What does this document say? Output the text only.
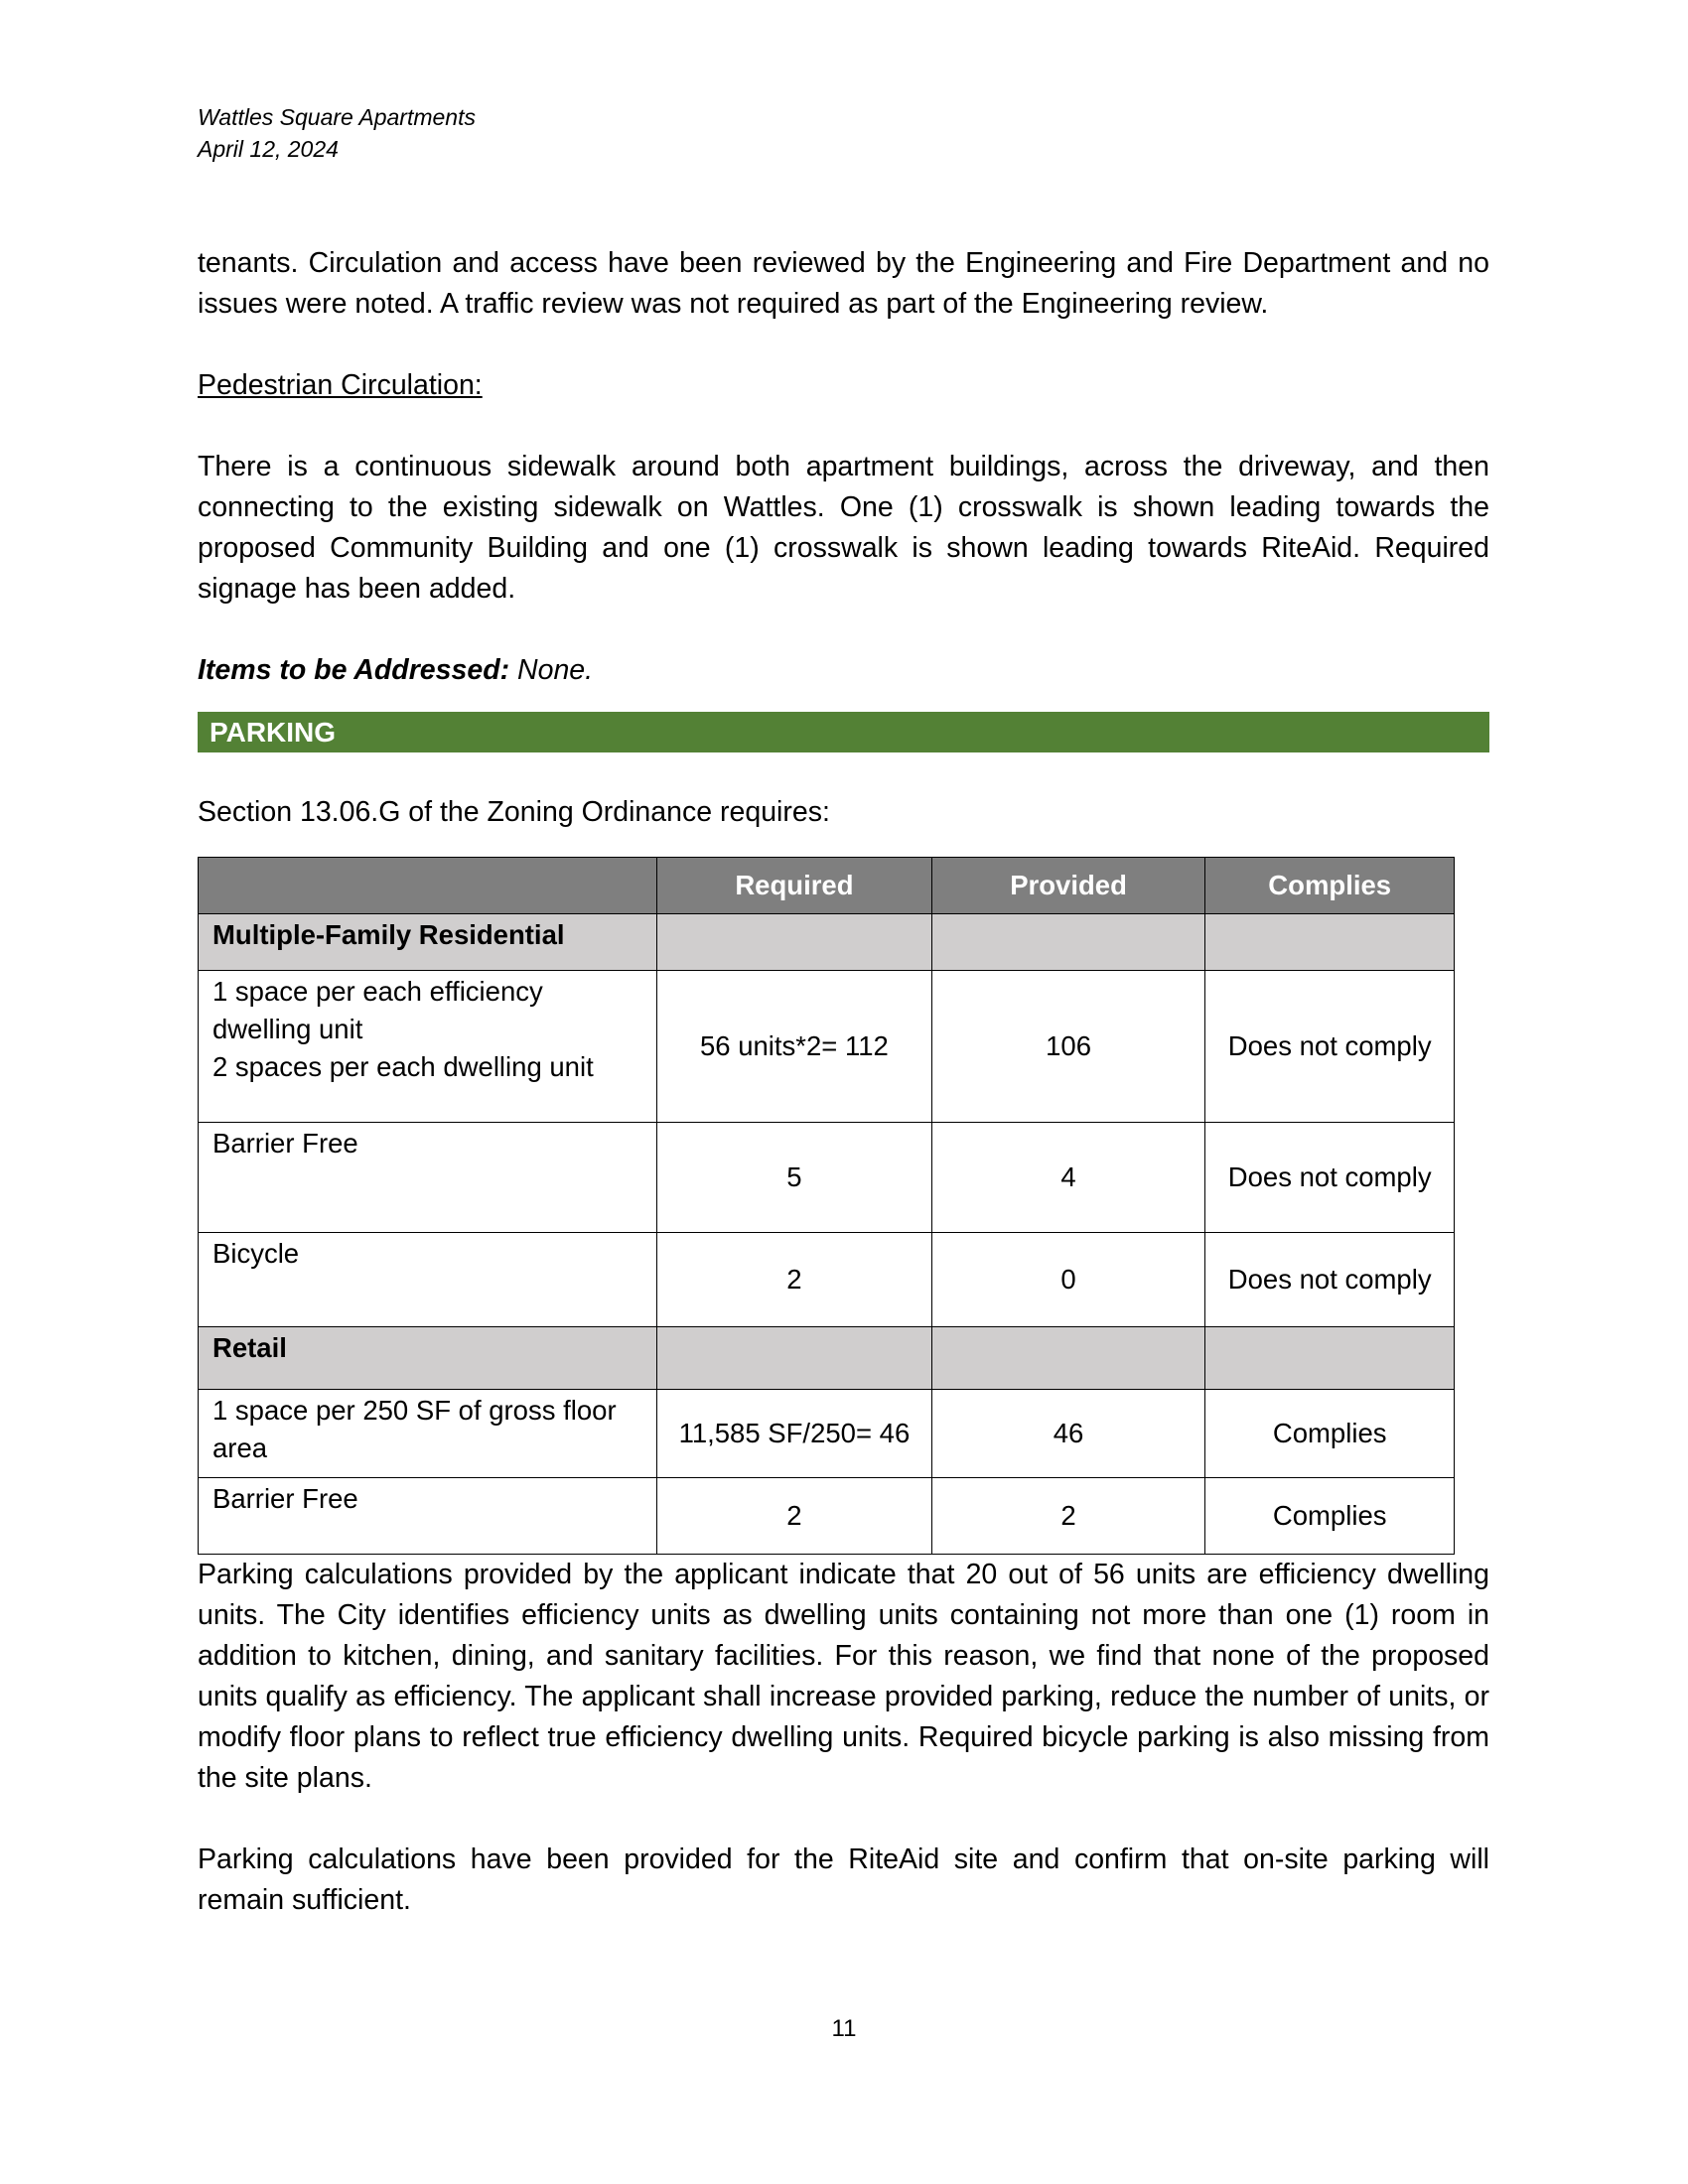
Wattles Square Apartments
April 12, 2024

tenants. Circulation and access have been reviewed by the Engineering and Fire Department and no issues were noted. A traffic review was not required as part of the Engineering review.

Pedestrian Circulation:

There is a continuous sidewalk around both apartment buildings, across the driveway, and then connecting to the existing sidewalk on Wattles. One (1) crosswalk is shown leading towards the proposed Community Building and one (1) crosswalk is shown leading towards RiteAid. Required signage has been added.

Items to be Addressed: None.

PARKING

Section 13.06.G of the Zoning Ordinance requires:

	Required	Provided	Complies
Multiple-Family Residential			

1 space per each efficiency
dwelling unit
2 spaces per each dwelling unit	56 units*2= 112	106	Does not comply

Barrier Free	5	4	Does not comply

Bicycle	2	0	Does not comply
Retail			

1 space per 250 SF of gross floor
area	11,585 SF/250= 46	46	Complies

Barrier Free	2	2	Complies

Parking calculations provided by the applicant indicate that 20 out of 56 units are efficiency dwelling units. The City identifies efficiency units as dwelling units containing not more than one (1) room in addition to kitchen, dining, and sanitary facilities. For this reason, we find that none of the proposed units qualify as efficiency. The applicant shall increase provided parking, reduce the number of units, or modify floor plans to reflect true efficiency dwelling units. Required bicycle parking is also missing from the site plans.

Parking calculations have been provided for the RiteAid site and confirm that on-site parking will remain sufficient.

11
